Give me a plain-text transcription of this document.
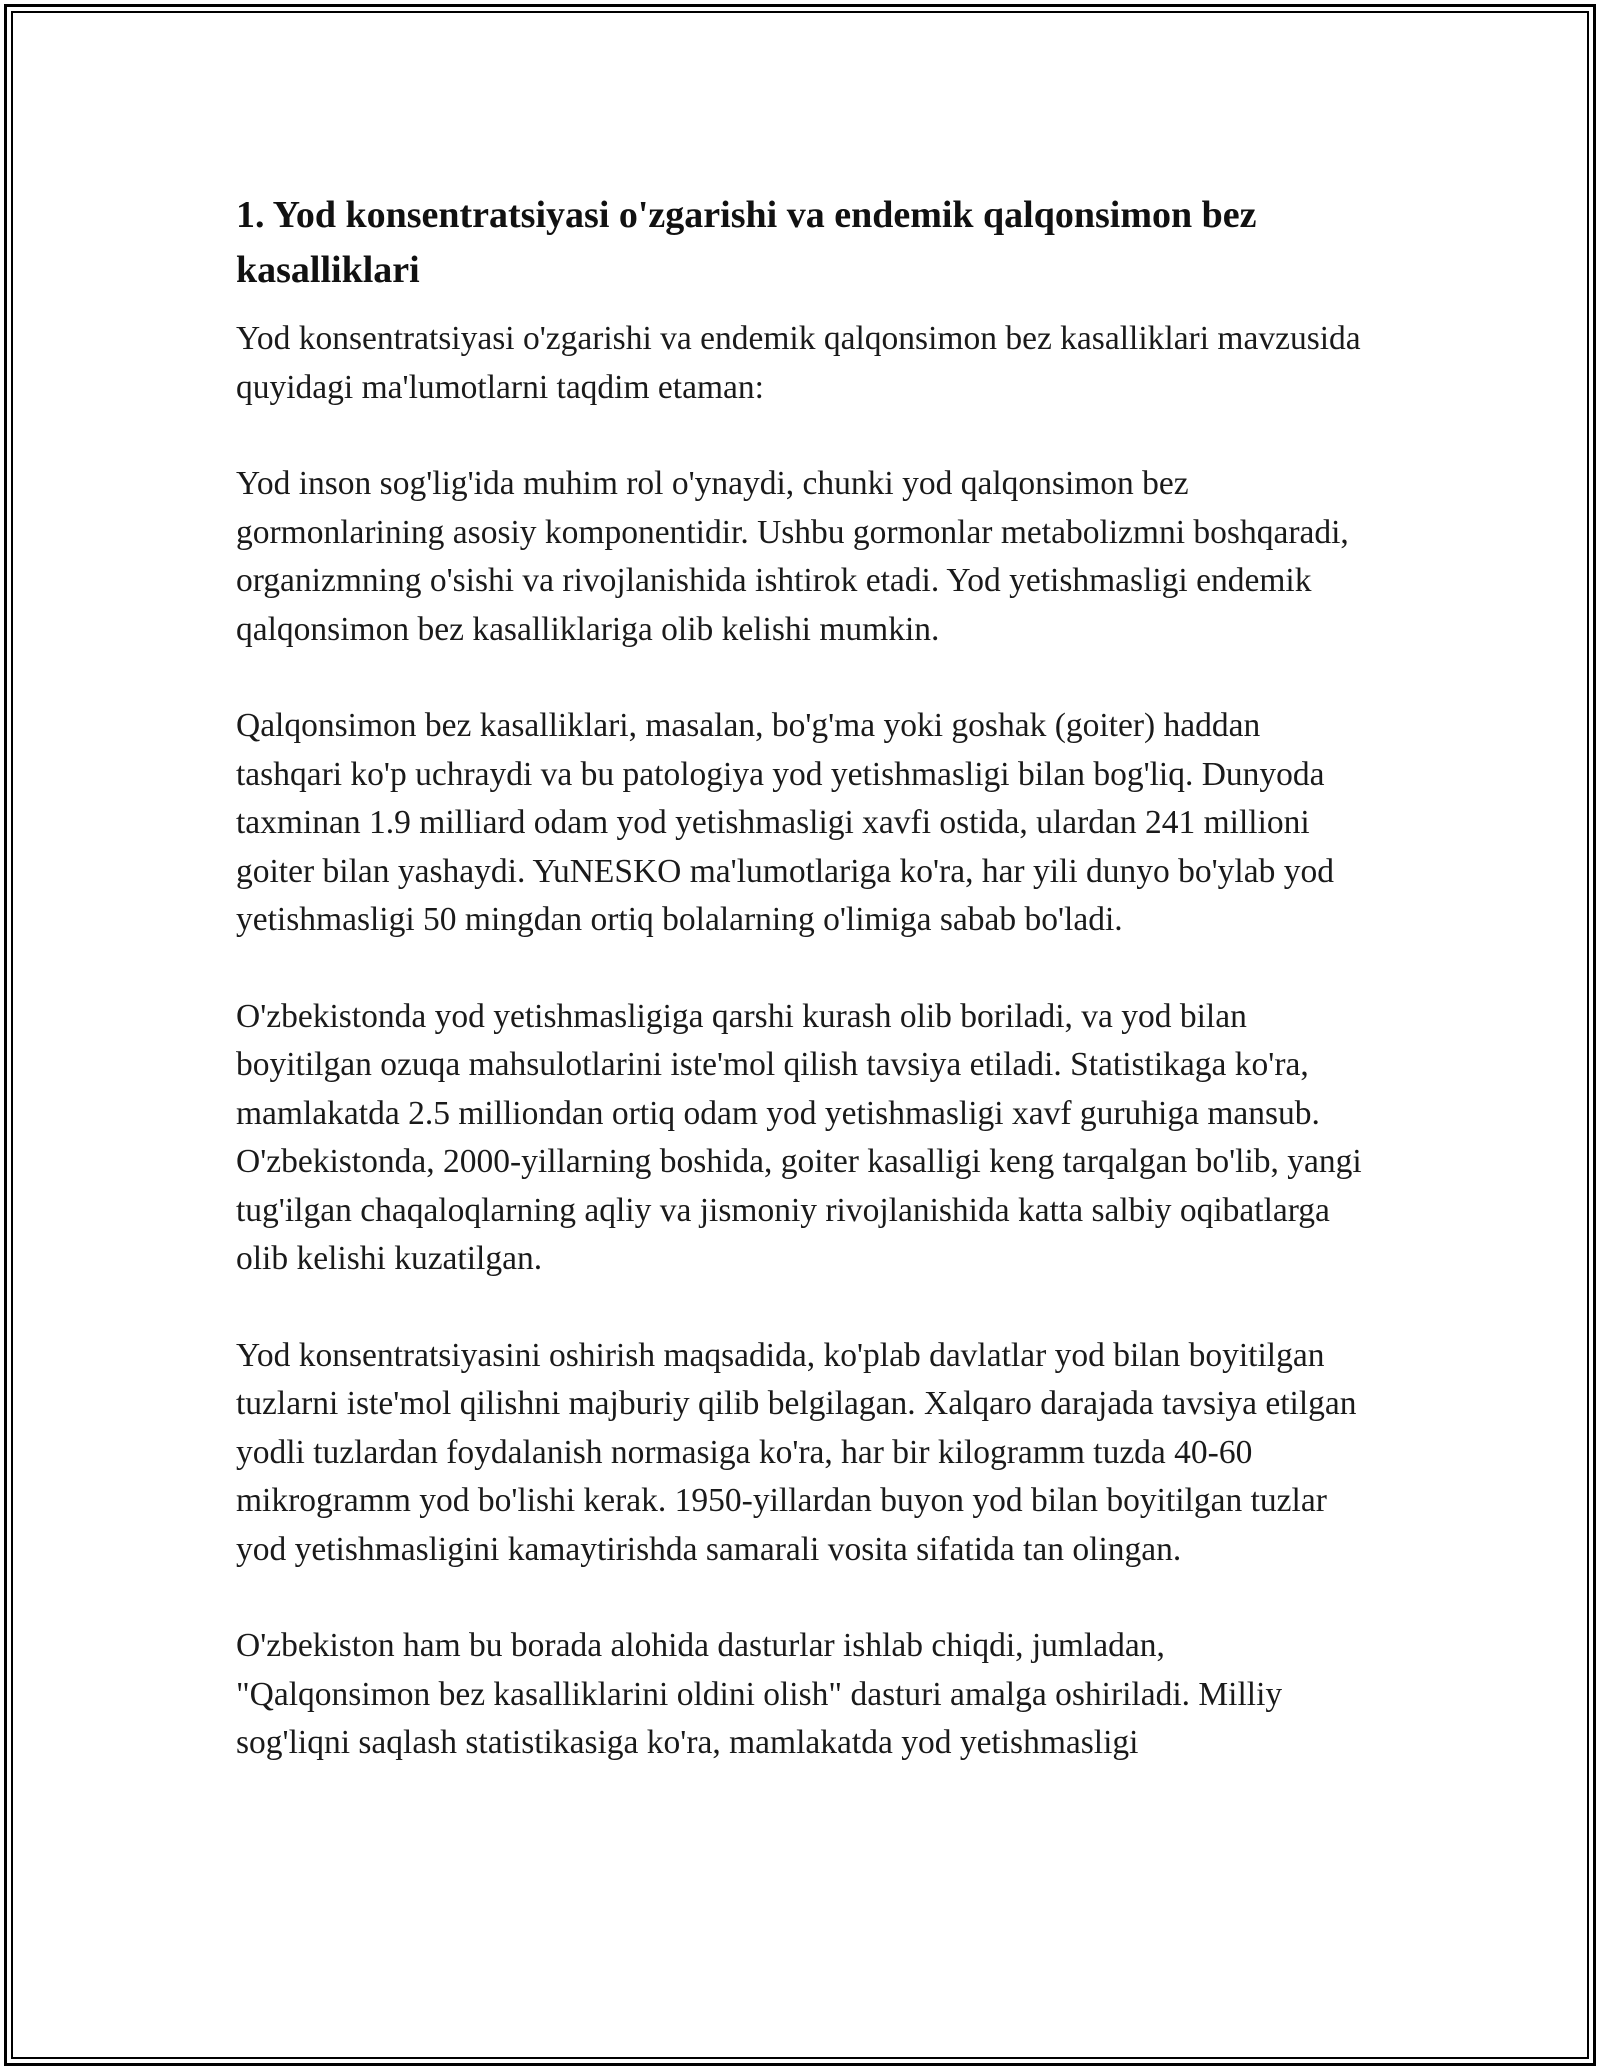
1. Yod konsentratsiyasi o'zgarishi va endemik qalqonsimon bez kasalliklari

Yod konsentratsiyasi o'zgarishi va endemik qalqonsimon bez kasalliklari mavzusida quyidagi ma'lumotlarni taqdim etaman:

Yod inson sog'lig'ida muhim rol o'ynaydi, chunki yod qalqonsimon bez gormonlarining asosiy komponentidir. Ushbu gormonlar metabolizmni boshqaradi, organizmning o'sishi va rivojlanishida ishtirok etadi. Yod yetishmasligi endemik qalqonsimon bez kasalliklariga olib kelishi mumkin.

Qalqonsimon bez kasalliklari, masalan, bo'g'ma yoki goshak (goiter) haddan tashqari ko'p uchraydi va bu patologiya yod yetishmasligi bilan bog'liq. Dunyoda taxminan 1.9 milliard odam yod yetishmasligi xavfi ostida, ulardan 241 millioni goiter bilan yashaydi. YuNESKO ma'lumotlariga ko'ra, har yili dunyo bo'ylab yod yetishmasligi 50 mingdan ortiq bolalarning o'limiga sabab bo'ladi.

O'zbekistonda yod yetishmasligiga qarshi kurash olib boriladi, va yod bilan boyitilgan ozuqa mahsulotlarini iste'mol qilish tavsiya etiladi. Statistikaga ko'ra, mamlakatda 2.5 milliondan ortiq odam yod yetishmasligi xavf guruhiga mansub. O'zbekistonda, 2000-yillarning boshida, goiter kasalligi keng tarqalgan bo'lib, yangi tug'ilgan chaqaloqlarning aqliy va jismoniy rivojlanishida katta salbiy oqibatlarga olib kelishi kuzatilgan.

Yod konsentratsiyasini oshirish maqsadida, ko'plab davlatlar yod bilan boyitilgan tuzlarni iste'mol qilishni majburiy qilib belgilagan. Xalqaro darajada tavsiya etilgan yodli tuzlardan foydalanish normasiga ko'ra, har bir kilogramm tuzda 40-60 mikrogramm yod bo'lishi kerak. 1950-yillardan buyon yod bilan boyitilgan tuzlar yod yetishmasligini kamaytirishda samarali vosita sifatida tan olingan.

O'zbekiston ham bu borada alohida dasturlar ishlab chiqdi, jumladan, "Qalqonsimon bez kasalliklarini oldini olish" dasturi amalga oshiriladi. Milliy sog'liqni saqlash statistikasiga ko'ra, mamlakatda yod yetishmasligi
